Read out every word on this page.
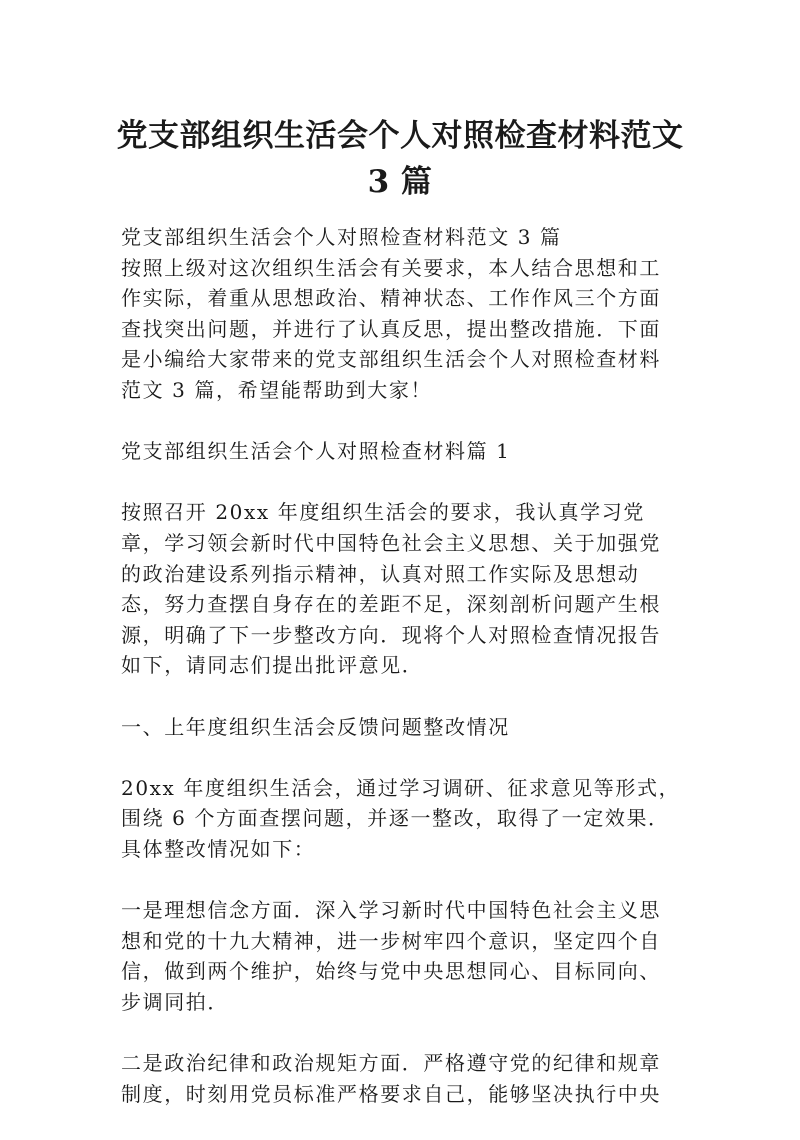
党支部组织生活会个人对照检查材料范文
3 篇

党支部组织生活会个人对照检查材料范文 3 篇

按照上级对这次组织生活会有关要求，本人结合思想和工作实际，着重从思想政治、精神状态、工作作风三个方面查找突出问题，并进行了认真反思，提出整改措施．下面是小编给大家带来的党支部组织生活会个人对照检查材料范文 3 篇，希望能帮助到大家！

党支部组织生活会个人对照检查材料篇 1

按照召开 20xx 年度组织生活会的要求，我认真学习党章，学习领会新时代中国特色社会主义思想、关于加强党的政治建设系列指示精神，认真对照工作实际及思想动态，努力查摆自身存在的差距不足，深刻剖析问题产生根源，明确了下一步整改方向．现将个人对照检查情况报告如下，请同志们提出批评意见．

一、上年度组织生活会反馈问题整改情况

20xx 年度组织生活会，通过学习调研、征求意见等形式，围绕 6 个方面查摆问题，并逐一整改，取得了一定效果．具体整改情况如下：

一是理想信念方面．深入学习新时代中国特色社会主义思想和党的十九大精神，进一步树牢四个意识，坚定四个自信，做到两个维护，始终与党中央思想同心、目标同向、步调同拍．

二是政治纪律和政治规矩方面．严格遵守党的纪律和规章制度，时刻用党员标准严格要求自己，能够坚决执行中央
